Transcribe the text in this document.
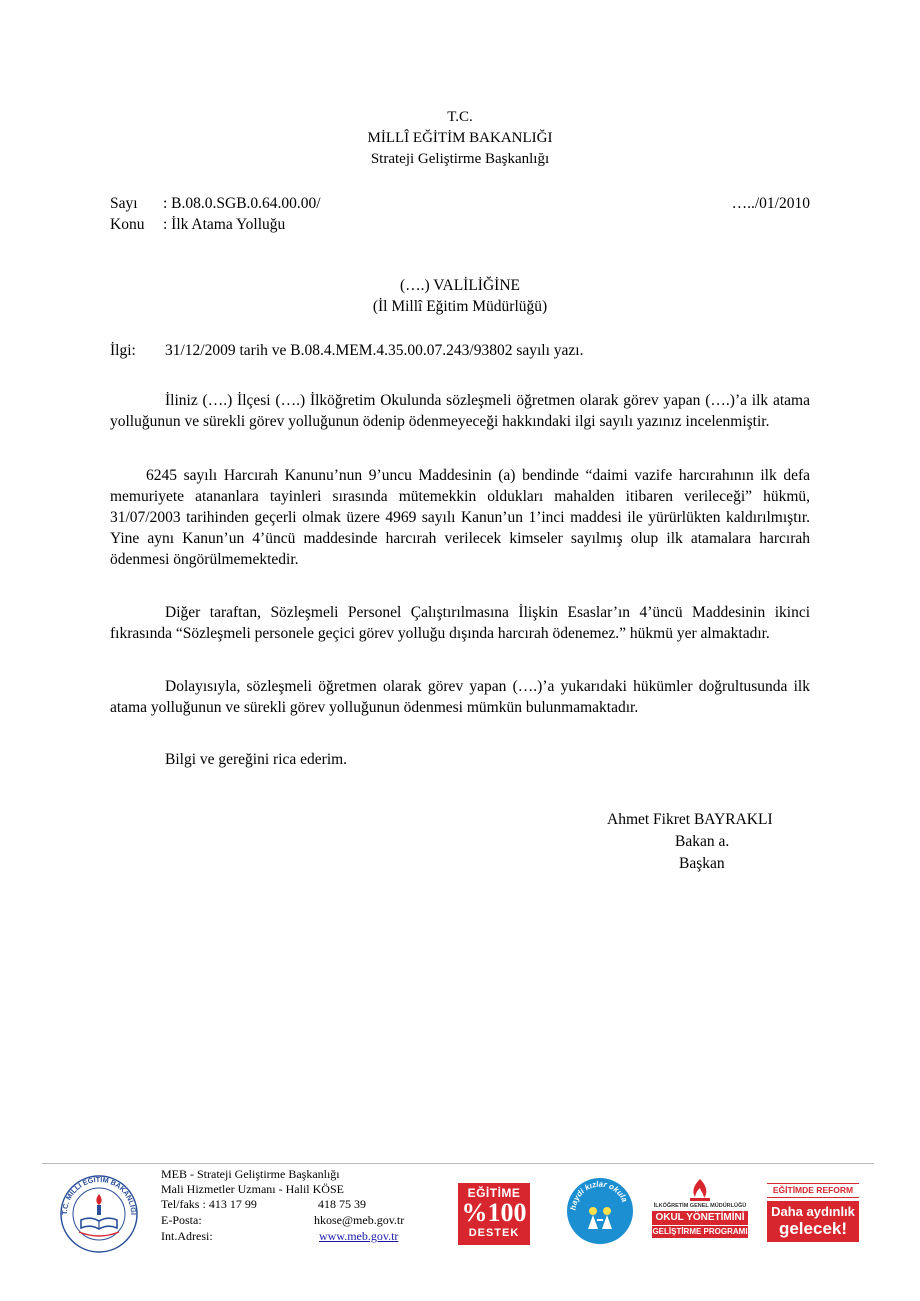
T.C.
MİLLÎ EĞİTİM BAKANLIĞI
Strateji Geliştirme Başkanlığı
Sayı : B.08.0.SGB.0.64.00.00/	…../01/2010
Konu : İlk Atama Yolluğu
(….) VALİLİĞİNE
(İl Millî Eğitim Müdürlüğü)
İlgi: 31/12/2009 tarih ve B.08.4.MEM.4.35.00.07.243/93802 sayılı yazı.

İliniz (….) İlçesi (….) İlköğretim Okulunda sözleşmeli öğretmen olarak görev yapan (….)’a ilk atama yolluğunun ve sürekli görev yolluğunun ödenip ödenmeyeceği hakkındaki ilgi sayılı yazınız incelenmiştir.

6245 sayılı Harcırah Kanunu’nun 9’uncu Maddesinin (a) bendinde “daimi vazife harcırahının ilk defa memuriyete atananlara tayinleri sırasında mütemekkin oldukları mahalden itibaren verileceği” hükmü, 31/07/2003 tarihinden geçerli olmak üzere 4969 sayılı Kanun’un 1’inci maddesi ile yürürlükten kaldırılmıştır. Yine aynı Kanun’un 4’üncü maddesinde harcırah verilecek kimseler sayılmış olup ilk atamalara harcırah ödenmesi öngörülmemektedir.

Diğer taraftan, Sözleşmeli Personel Çalıştırılmasına İlişkin Esaslar’ın 4’üncü Maddesinin ikinci fıkrasında “Sözleşmeli personele geçici görev yolluğu dışında harcırah ödenemez.” hükmü yer almaktadır.

Dolayısıyla, sözleşmeli öğretmen olarak görev yapan (….)’a yukarıdaki hükümler doğrultusunda ilk atama yolluğunun ve sürekli görev yolluğunun ödenmesi mümkün bulunmamaktadır.

Bilgi ve gereğini rica ederim.

Ahmet Fikret BAYRAKLI
Bakan a.
Başkan
T.C. MİLLÎ EĞİTİM BAKANLIĞI
MEB - Strateji Geliştirme Başkanlığı
Mali Hizmetler Uzmanı - Halil KÖSE
Tel/faks : 413 17 99	418 75 39
E-Posta:	hkose@meb.gov.tr
Int.Adresi:	www.meb.gov.tr
EĞİTİME
%100
DESTEK
haydi kızlar okula
İLKÖĞRETİM GENEL MÜDÜRLÜĞÜ
OKUL YÖNETİMİNİ
GELİŞTİRME PROGRAMI
EĞİTİMDE REFORM
Daha aydınlık
gelecek!
